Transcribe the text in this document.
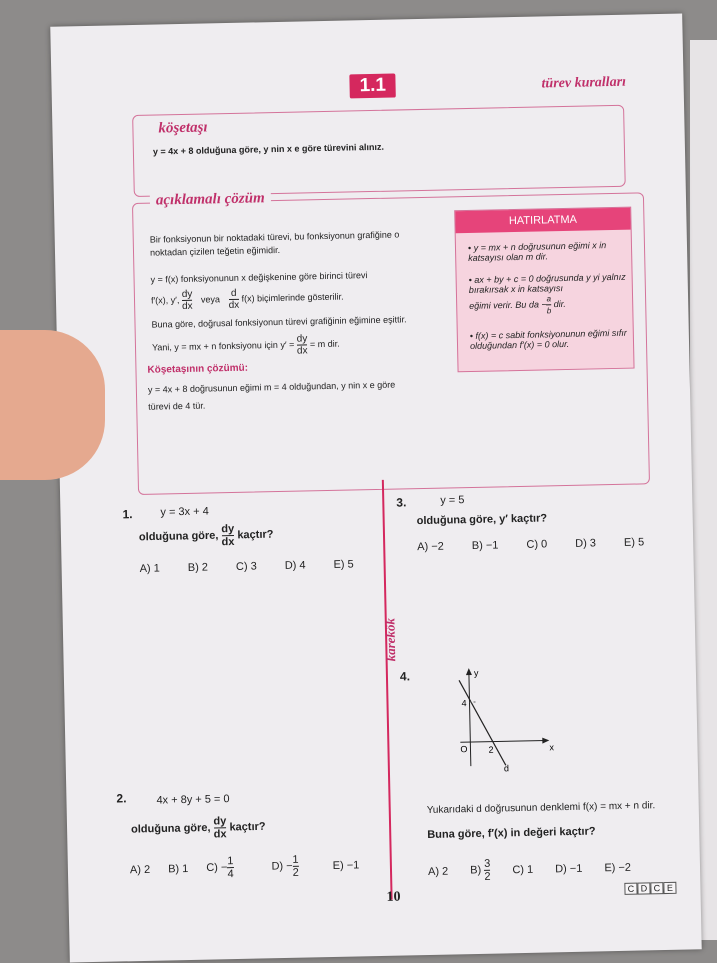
1.1	türev kuralları
köşetaşı
y = 4x + 8 olduğuna göre, y nin x e göre türevini alınız.
açıklamalı çözüm
Bir fonksiyonun bir noktadaki türevi, bu fonksiyonun grafiğine o
noktadan çizilen teğetin eğimidir.
y = f(x) fonksiyonunun x değişkenine göre birinci türevi
f′(x), y′, $\frac{dy}{dx}$ veya $\frac{d}{dx} f(x)$ biçimlerinde gösterilir.
Buna göre, doğrusal fonksiyonun türevi grafiğinin eğimine eşittir.
Yani, y = mx + n fonksiyonu için $y' = \frac{dy}{dx} = m$ dir.
Köşetaşının çözümü:
y = 4x + 8 doğrusunun eğimi m = 4 olduğundan, y nin x e göre
türevi de 4 tür.
HATIRLATMA
• y = mx + n doğrusunun eğimi x in katsayısı olan m dir.
• ax + by + c = 0 doğrusunda y yi yalnız bırakırsak x in katsayısı
eğimi verir. Bu da − $\frac{a}{b}$ dir.
• f(x) = c sabit fonksiyonunun eğimi sıfır olduğundan f′(x) = 0 olur.
karekök
1.	y = 3x + 4
olduğuna göre, $\frac{dy}{dx}$ kaçtır?
A) 1	B) 2	C) 3	D) 4	E) 5
3.	y = 5
olduğuna göre, y′ kaçtır?
A) −2	B) −1	C) 0	D) 3	E) 5
4.	y
x
O
4
2
d
Yukarıdaki d doğrusunun denklemi f(x) = mx + n dir.
Buna göre, f′(x) in değeri kaçtır?
A) 2 $B) \frac{3}{2} C$) 1 D) −1 E) −2
2.	4x + 8y + 5 = 0
olduğuna göre, $\frac{dy}{dx}$ kaçtır?
A) 2 B) 1 $C) - \frac{1}{4}$	$D) - \frac{1}{2}$	E) −1
10
C D C E
